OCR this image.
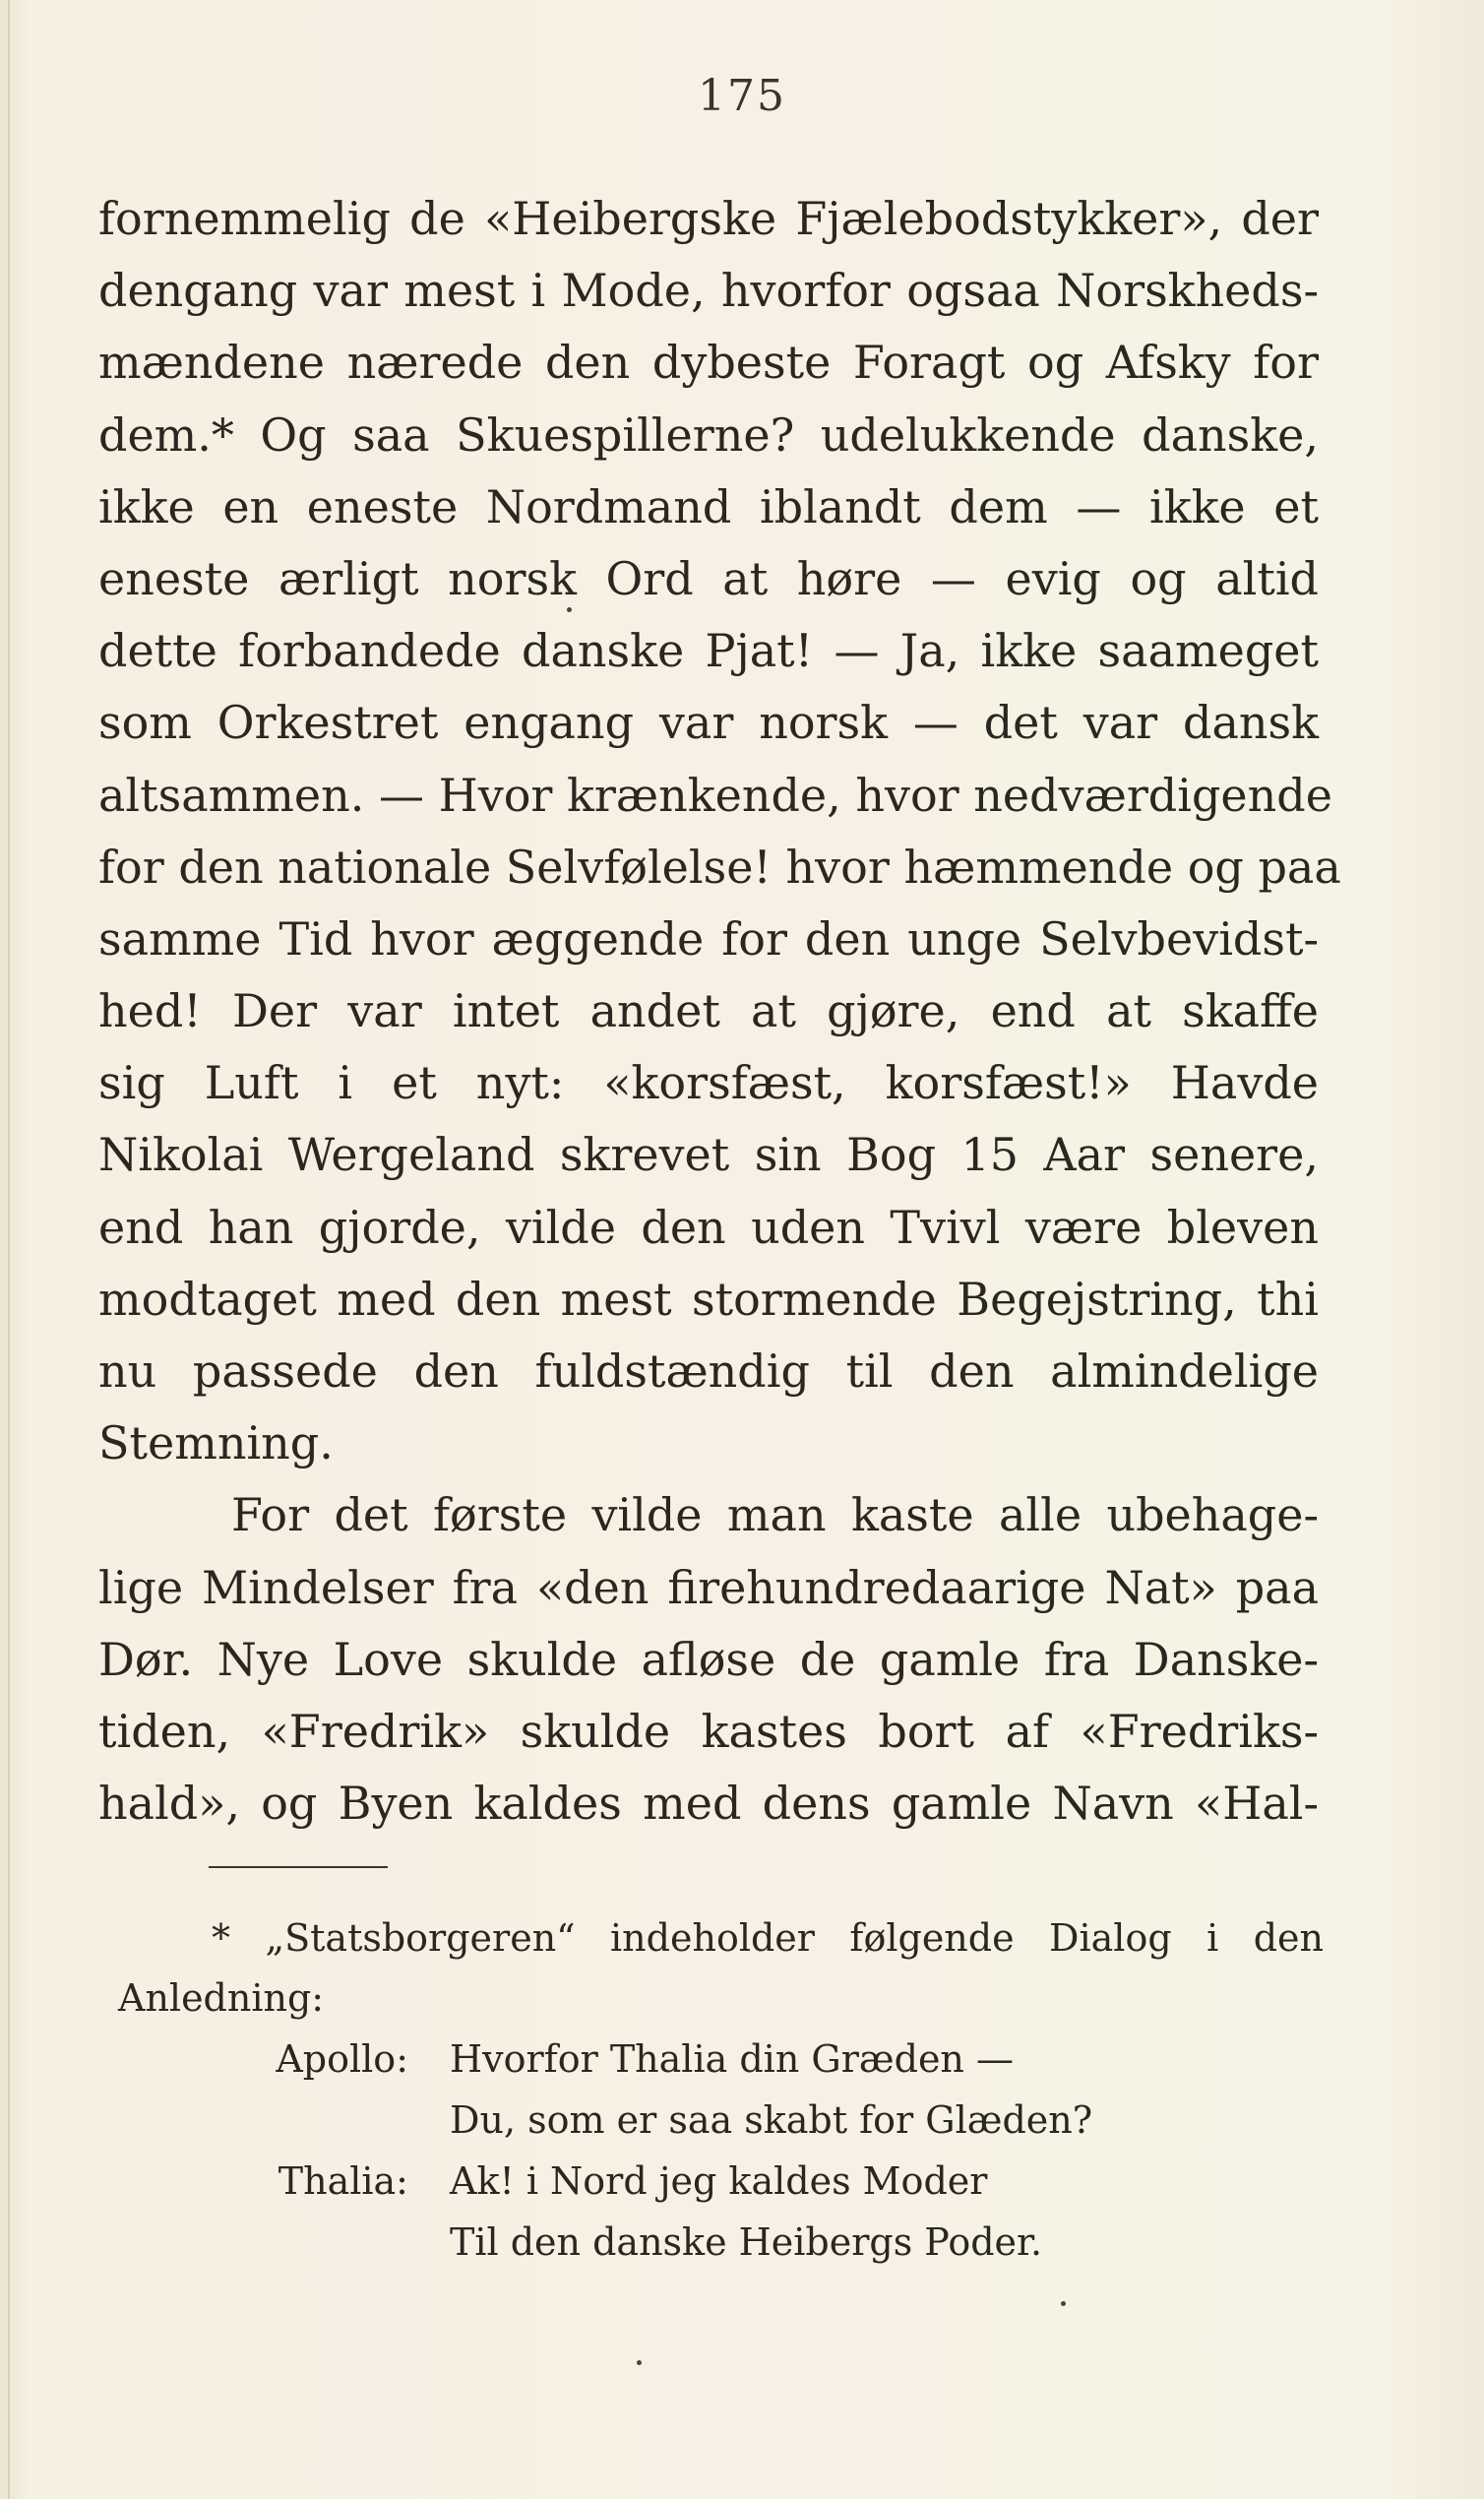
175
fornemmelig de «Heibergske Fjælebodstykker», der
dengang var mest i Mode, hvorfor ogsaa Norskheds-
mændene nærede den dybeste Foragt og Afsky for
dem.* Og saa Skuespillerne? udelukkende danske,
ikke en eneste Nordmand iblandt dem — ikke et
eneste ærligt norsk Ord at høre — evig og altid
dette forbandede danske Pjat! — Ja, ikke saameget
som Orkestret engang var norsk — det var dansk
altsammen. — Hvor krænkende, hvor nedværdigende
for den nationale Selvfølelse! hvor hæmmende og paa
samme Tid hvor æggende for den unge Selvbevidst-
hed! Der var intet andet at gjøre, end at skaffe
sig Luft i et nyt: «korsfæst, korsfæst!» Havde
Nikolai Wergeland skrevet sin Bog 15 Aar senere,
end han gjorde, vilde den uden Tvivl være bleven
modtaget med den mest stormende Begejstring, thi
nu passede den fuldstændig til den almindelige
Stemning.
For det første vilde man kaste alle ubehage-
lige Mindelser fra «den firehundredaarige Nat» paa
Dør. Nye Love skulde afløse de gamle fra Danske-
tiden, «Fredrik» skulde kastes bort af «Fredriks-
hald», og Byen kaldes med dens gamle Navn «Hal-
* „Statsborgeren“ indeholder følgende Dialog i den
Anledning:
Apollo: Hvorfor Thalia din Græden —
Du, som er saa skabt for Glæden?
Thalia: Ak! i Nord jeg kaldes Moder
Til den danske Heibergs Poder.
